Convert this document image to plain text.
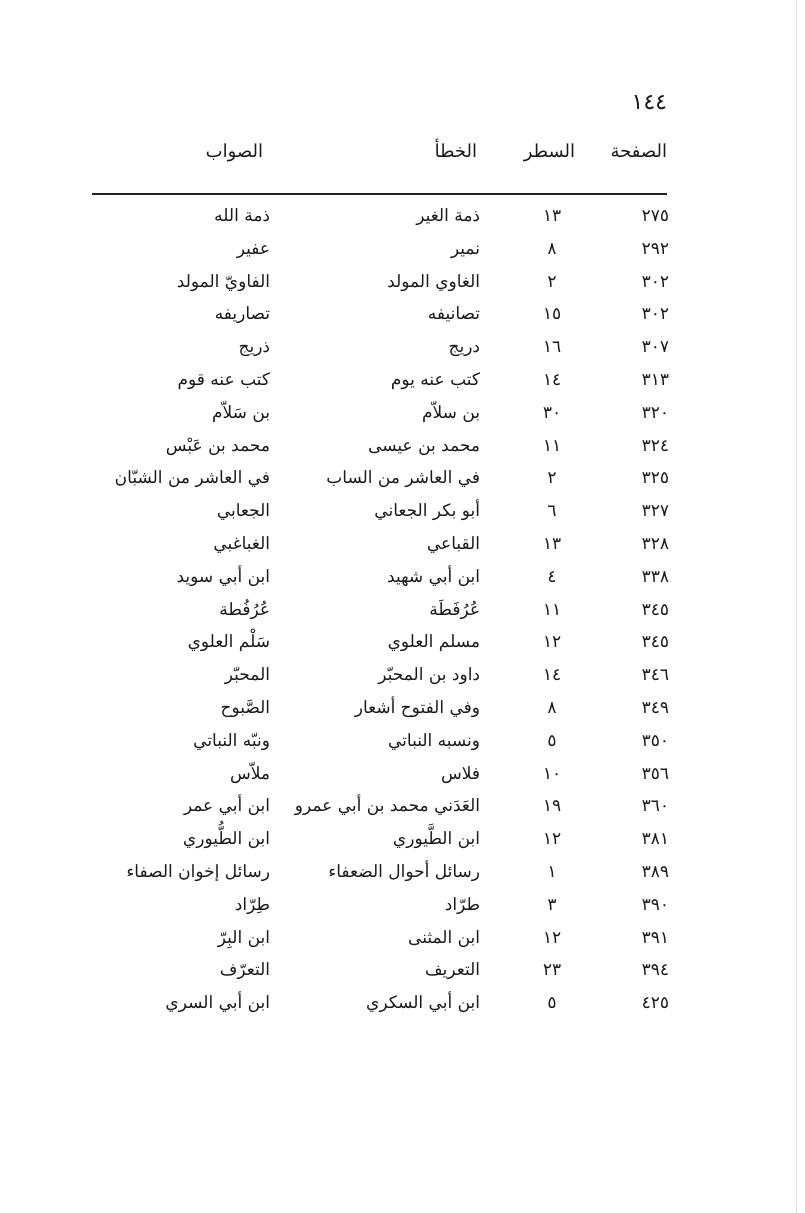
١٤٤
الصفحة
السطر
الخطأ
الصواب
٢٧٥
١٣
ذمة الغير
ذمة الله
٢٩٢
٨
نمير
عفير
٣٠٢
٢
الغاوي المولد
الفاويّ المولد
٣٠٢
١٥
تصانيفه
تصاريفه
٣٠٧
١٦
دريج
ذريج
٣١٣
١٤
كتب عنه يوم
كتب عنه قوم
٣٢٠
٣٠
بن سلاّم
بن سَلاّم
٣٢٤
١١
محمد بن عيسى
محمد بن عَبْس
٣٢٥
٢
في العاشر من الساب
في العاشر من الشبّان
٣٢٧
٦
أبو بكر الجعاني
الجعابي
٣٢٨
١٣
القباعي
الغباغبي
٣٣٨
٤
ابن أبي شهيد
ابن أبي سويد
٣٤٥
١١
عُرُفَطَة
عُرُفُطة
٣٤٥
١٢
مسلم العلوي
سَلْم العلوي
٣٤٦
١٤
داود بن المحبّر
المحبّر
٣٤٩
٨
وفي الفتوح أشعار
الصَّبوح
٣٥٠
٥
ونسبه النباتي
ونبّه النباتي
٣٥٦
١٠
فلاس
ملاّس
٣٦٠
١٩
العَدَني محمد بن أبي عمرو
ابن أبي عمر
٣٨١
١٢
ابن الطَّيوري
ابن الطُّيوري
٣٨٩
١
رسائل أحوال الضعفاء
رسائل إخوان الصفاء
٣٩٠
٣
طرّاد
طِرّاد
٣٩١
١٢
ابن المثنى
ابن البِرّ
٣٩٤
٢٣
التعريف
التعرّف
٤٢٥
٥
ابن أبي السكري
ابن أبي السري
